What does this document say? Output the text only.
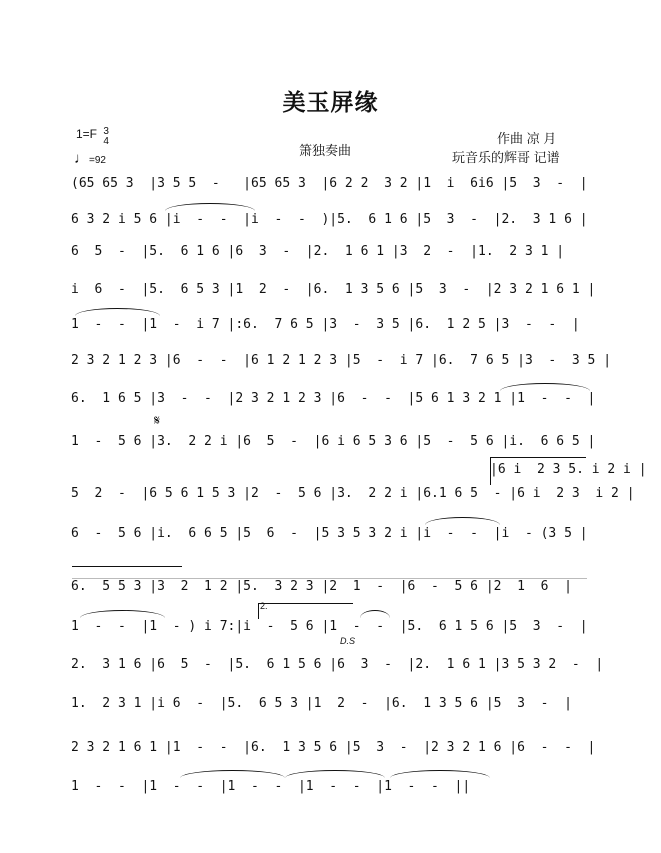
美玉屏缘
1=F 3
4
♩=92
箫独奏曲
作曲 凉 月
玩音乐的辉哥 记谱
(65 65 3  |3 5 5  -   |65 65 3  |6 2 2  3 2 |1  i  6i6 |5  3  -  |
6 3 2 i 5 6 |i  -  -  |i  -  -  )|5.  6 1 6 |5  3  -  |2.  3 1 6 |
6  5  -  |5.  6 1 6 |6  3  -  |2.  1 6 1 |3  2  -  |1.  2 3 1 |
i  6  -  |5.  6 5 3 |1  2  -  |6.  1 3 5 6 |5  3  -  |2 3 2 1 6 1 |
1  -  -  |1  -  i 7 |:6.  7 6 5 |3  -  3 5 |6.  1 2 5 |3  -  -  |
2 3 2 1 2 3 |6  -  -  |6 1 2 1 2 3 |5  -  i 7 |6.  7 6 5 |3  -  3 5 |
6.  1 6 5 |3  -  -  |2 3 2 1 2 3 |6  -  -  |5 6 1 3 2 1 |1  -  -  |
1  -  5 6 |3.  2 2 i |6  5  -  |6 i 6 5 3 6 |5  -  5 6 |i.  6 6 5 |
|6 i  2 3 5. i 2 i |
5  2  -  |6 5 6 1 5 3 |2  -  5 6 |3.  2 2 i |6.1 6 5  - |6 i  2 3  i 2 |
6  -  5 6 |i.  6 6 5 |5  6  -  |5 3 5 3 2 i |i  -  -  |i  - (3 5 |
6.  5 5 3 |3  2  1 2 |5.  3 2 3 |2  1  -  |6  -  5 6 |2  1  6  |
1  -  -  |1  - ) i 7:|i  -  5 6 |1  -  -  |5.  6 1 5 6 |5  3  -  |
2.  3 1 6 |6  5  -  |5.  6 1 5 6 |6  3  -  |2.  1 6 1 |3 5 3 2  -  |
1.  2 3 1 |i 6  -  |5.  6 5 3 |1  2  -  |6.  1 3 5 6 |5  3  -  |
2 3 2 1 6 1 |1  -  -  |6.  1 3 5 6 |5  3  -  |2 3 2 1 6 |6  -  -  |
1  -  -  |1  -  -  |1  -  -  |1  -  -  |1  -  -  ||
𝄋
D.S
2.
